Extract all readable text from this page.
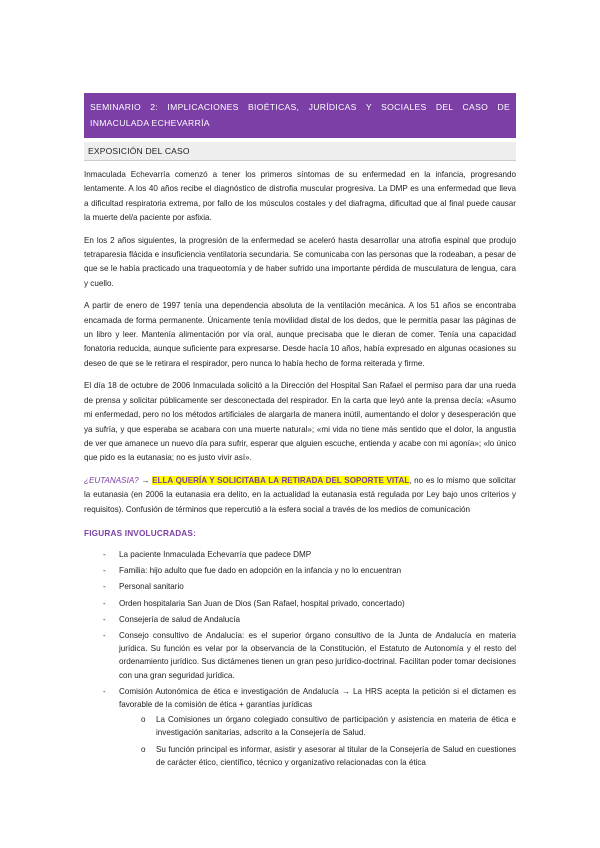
SEMINARIO 2: IMPLICACIONES BIOÉTICAS, JURÍDICAS Y SOCIALES DEL CASO DE INMACULADA ECHEVARRÍA
EXPOSICIÓN DEL CASO

Inmaculada Echevarría comenzó a tener los primeros síntomas de su enfermedad en la infancia, progresando lentamente. A los 40 años recibe el diagnóstico de distrofia muscular progresiva. La DMP es una enfermedad que lleva a dificultad respiratoria extrema, por fallo de los músculos costales y del diafragma, dificultad que al final puede causar la muerte del/a paciente por asfixia.

En los 2 años siguientes, la progresión de la enfermedad se aceleró hasta desarrollar una atrofia espinal que produjo tetraparesia flácida e insuficiencia ventilatoria secundaria. Se comunicaba con las personas que la rodeaban, a pesar de que se le había practicado una traqueotomía y de haber sufrido una importante pérdida de musculatura de lengua, cara y cuello.

A partir de enero de 1997 tenía una dependencia absoluta de la ventilación mecánica. A los 51 años se encontraba encamada de forma permanente. Únicamente tenía movilidad distal de los dedos, que le permitía pasar las páginas de un libro y leer. Mantenía alimentación por vía oral, aunque precisaba que le dieran de comer. Tenía una capacidad fonatoria reducida, aunque suficiente para expresarse. Desde hacía 10 años, había expresado en algunas ocasiones su deseo de que se le retirara el respirador, pero nunca lo había hecho de forma reiterada y firme.

El día 18 de octubre de 2006 Inmaculada solicitó a la Dirección del Hospital San Rafael el permiso para dar una rueda de prensa y solicitar públicamente ser desconectada del respirador. En la carta que leyó ante la prensa decía: «Asumo mi enfermedad, pero no los métodos artificiales de alargarla de manera inútil, aumentando el dolor y desesperación que ya sufría, y que esperaba se acabara con una muerte natural»; «mi vida no tiene más sentido que el dolor, la angustia de ver que amanece un nuevo día para sufrir, esperar que alguien escuche, entienda y acabe con mi agonía»; «lo único que pido es la eutanasia; no es justo vivir así».

¿EUTANASIA? → ELLA QUERÍA Y SOLICITABA LA RETIRADA DEL SOPORTE VITAL, no es lo mismo que solicitar la eutanasia (en 2006 la eutanasia era delito, en la actualidad la eutanasia está regulada por Ley bajo unos criterios y requisitos). Confusión de términos que repercutió a la esfera social a través de los medios de comunicación

FIGURAS INVOLUCRADAS:
- La paciente Inmaculada Echevarría que padece DMP
- Familia: hijo adulto que fue dado en adopción en la infancia y no lo encuentran
- Personal sanitario
- Orden hospitalaria San Juan de Dios (San Rafael, hospital privado, concertado)
- Consejería de salud de Andalucía
- Consejo consultivo de Andalucía: es el superior órgano consultivo de la Junta de Andalucía en materia jurídica. Su función es velar por la observancia de la Constitución, el Estatuto de Autonomía y el resto del ordenamiento jurídico. Sus dictámenes tienen un gran peso jurídico-doctrinal. Facilitan poder tomar decisiones con una gran seguridad jurídica.
- Comisión Autonómica de ética e investigación de Andalucía → La HRS acepta la petición si el dictamen es favorable de la comisión de ética + garantías jurídicas
o La Comisiones un órgano colegiado consultivo de participación y asistencia en materia de ética e investigación sanitarias, adscrito a la Consejería de Salud.
o Su función principal es informar, asistir y asesorar al titular de la Consejería de Salud en cuestiones de carácter ético, científico, técnico y organizativo relacionadas con la ética
